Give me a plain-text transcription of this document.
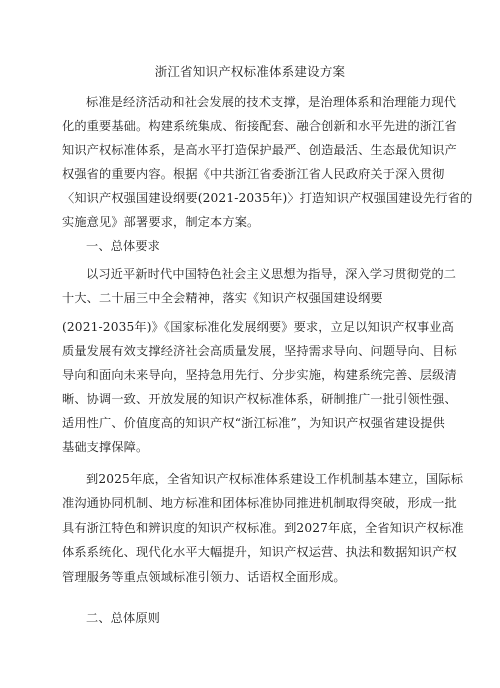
浙江省知识产权标准体系建设方案
标准是经济活动和社会发展的技术支撑，是治理体系和治理能力现代
化的重要基础。构建系统集成、衔接配套、融合创新和水平先进的浙江省
知识产权标准体系，是高水平打造保护最严、创造最活、生态最优知识产
权强省的重要内容。根据《中共浙江省委浙江省人民政府关于深入贯彻
〈知识产权强国建设纲要(2021-2035年)〉打造知识产权强国建设先行省的
实施意见》部署要求，制定本方案。
一、总体要求
以习近平新时代中国特色社会主义思想为指导，深入学习贯彻党的二
十大、二十届三中全会精神，落实《知识产权强国建设纲要
(2021-2035年)》《国家标准化发展纲要》要求，立足以知识产权事业高
质量发展有效支撑经济社会高质量发展，坚持需求导向、问题导向、目标
导向和面向未来导向，坚持急用先行、分步实施，构建系统完善、层级清
晰、协调一致、开放发展的知识产权标准体系，研制推广一批引领性强、
适用性广、价值度高的知识产权“浙江标准”，为知识产权强省建设提供
基础支撑保障。
到2025年底，全省知识产权标准体系建设工作机制基本建立，国际标
准沟通协同机制、地方标准和团体标准协同推进机制取得突破，形成一批
具有浙江特色和辨识度的知识产权标准。到2027年底，全省知识产权标准
体系系统化、现代化水平大幅提升，知识产权运营、执法和数据知识产权
管理服务等重点领域标准引领力、话语权全面形成。
二、总体原则
